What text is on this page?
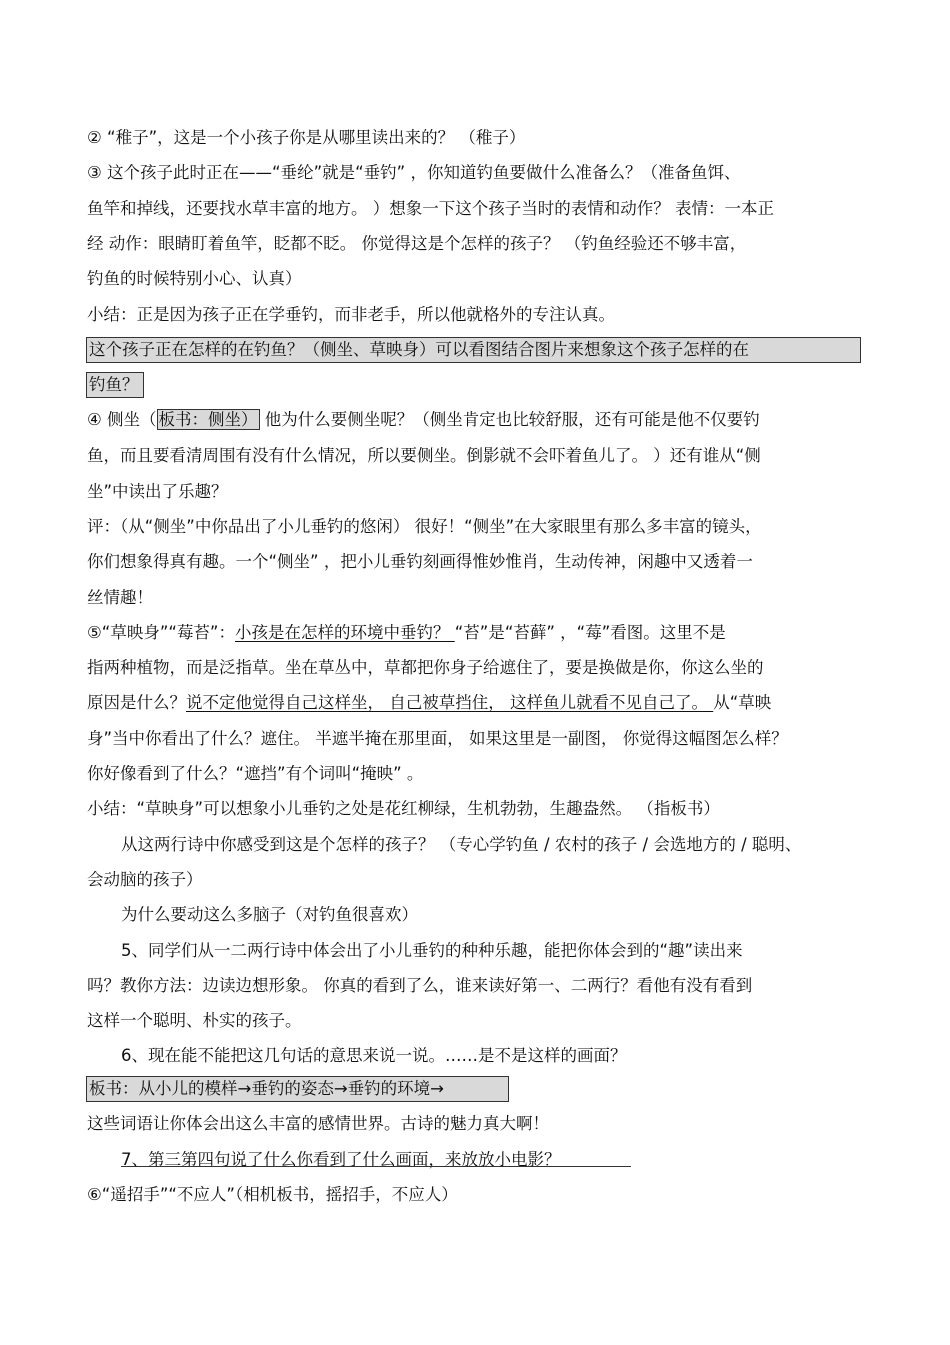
② “稚子”，这是一个小孩子你是从哪里读出来的？ （稚子）
③ 这个孩子此时正在——“垂纶”就是“垂钓” ，你知道钓鱼要做什么准备么？（准备鱼饵、
鱼竿和掉线，还要找水草丰富的地方。 ）想象一下这个孩子当时的表情和动作？ 表情：一本正
经 动作：眼睛盯着鱼竿，眨都不眨。 你觉得这是个怎样的孩子？ （钓鱼经验还不够丰富，
钓鱼的时候特别小心、认真）
小结：正是因为孩子正在学垂钓，而非老手，所以他就格外的专注认真。
这个孩子正在怎样的在钓鱼？（侧坐、草映身）可以看图结合图片来想象这个孩子怎样的在
钓鱼？
④ 侧坐（ 板书：侧坐） 他为什么要侧坐呢？（侧坐肯定也比较舒服，还有可能是他不仅要钓
鱼，而且要看清周围有没有什么情况，所以要侧坐。倒影就不会吓着鱼儿了。 ）还有谁从“侧
坐”中读出了乐趣？
评：（从“侧坐”中你品出了小儿垂钓的悠闲） 很好！“侧坐”在大家眼里有那么多丰富的镜头，
你们想象得真有趣。一个“侧坐” ，把小儿垂钓刻画得惟妙惟肖，生动传神，闲趣中又透着一
丝情趣！
⑤“草映身”“莓苔”：小孩是在怎样的环境中垂钓？ “苔”是“苔藓” ，“莓”看图。这里不是
指两种植物，而是泛指草。坐在草丛中，草都把你身子给遮住了，要是换做是你，你这么坐的
原因是什么？说不定他觉得自己这样坐， 自己被草挡住， 这样鱼儿就看不见自己了。 从“草映
身”当中你看出了什么？遮住。 半遮半掩在那里面， 如果这里是一副图， 你觉得这幅图怎么样？
你好像看到了什么？“遮挡”有个词叫“掩映” 。
小结：“草映身”可以想象小儿垂钓之处是花红柳绿，生机勃勃，生趣盎然。 （指板书）
从这两行诗中你感受到这是个怎样的孩子？ （专心学钓鱼 / 农村的孩子 / 会选地方的 / 聪明、
会动脑的孩子）
为什么要动这么多脑子（对钓鱼很喜欢）
5、同学们从一二两行诗中体会出了小儿垂钓的种种乐趣，能把你体会到的“趣”读出来
吗？教你方法：边读边想形象。 你真的看到了么，谁来读好第一、二两行？看他有没有看到
这样一个聪明、朴实的孩子。
6、现在能不能把这几句话的意思来说一说。……是不是这样的画面？
板书：从小儿的模样→垂钓的姿态→垂钓的环境→
这些词语让你体会出这么丰富的感情世界。古诗的魅力真大啊！
7、第三第四句说了什么你看到了什么画面，来放放小电影？
⑥“遥招手”“不应人”（相机板书，摇招手，不应人）
